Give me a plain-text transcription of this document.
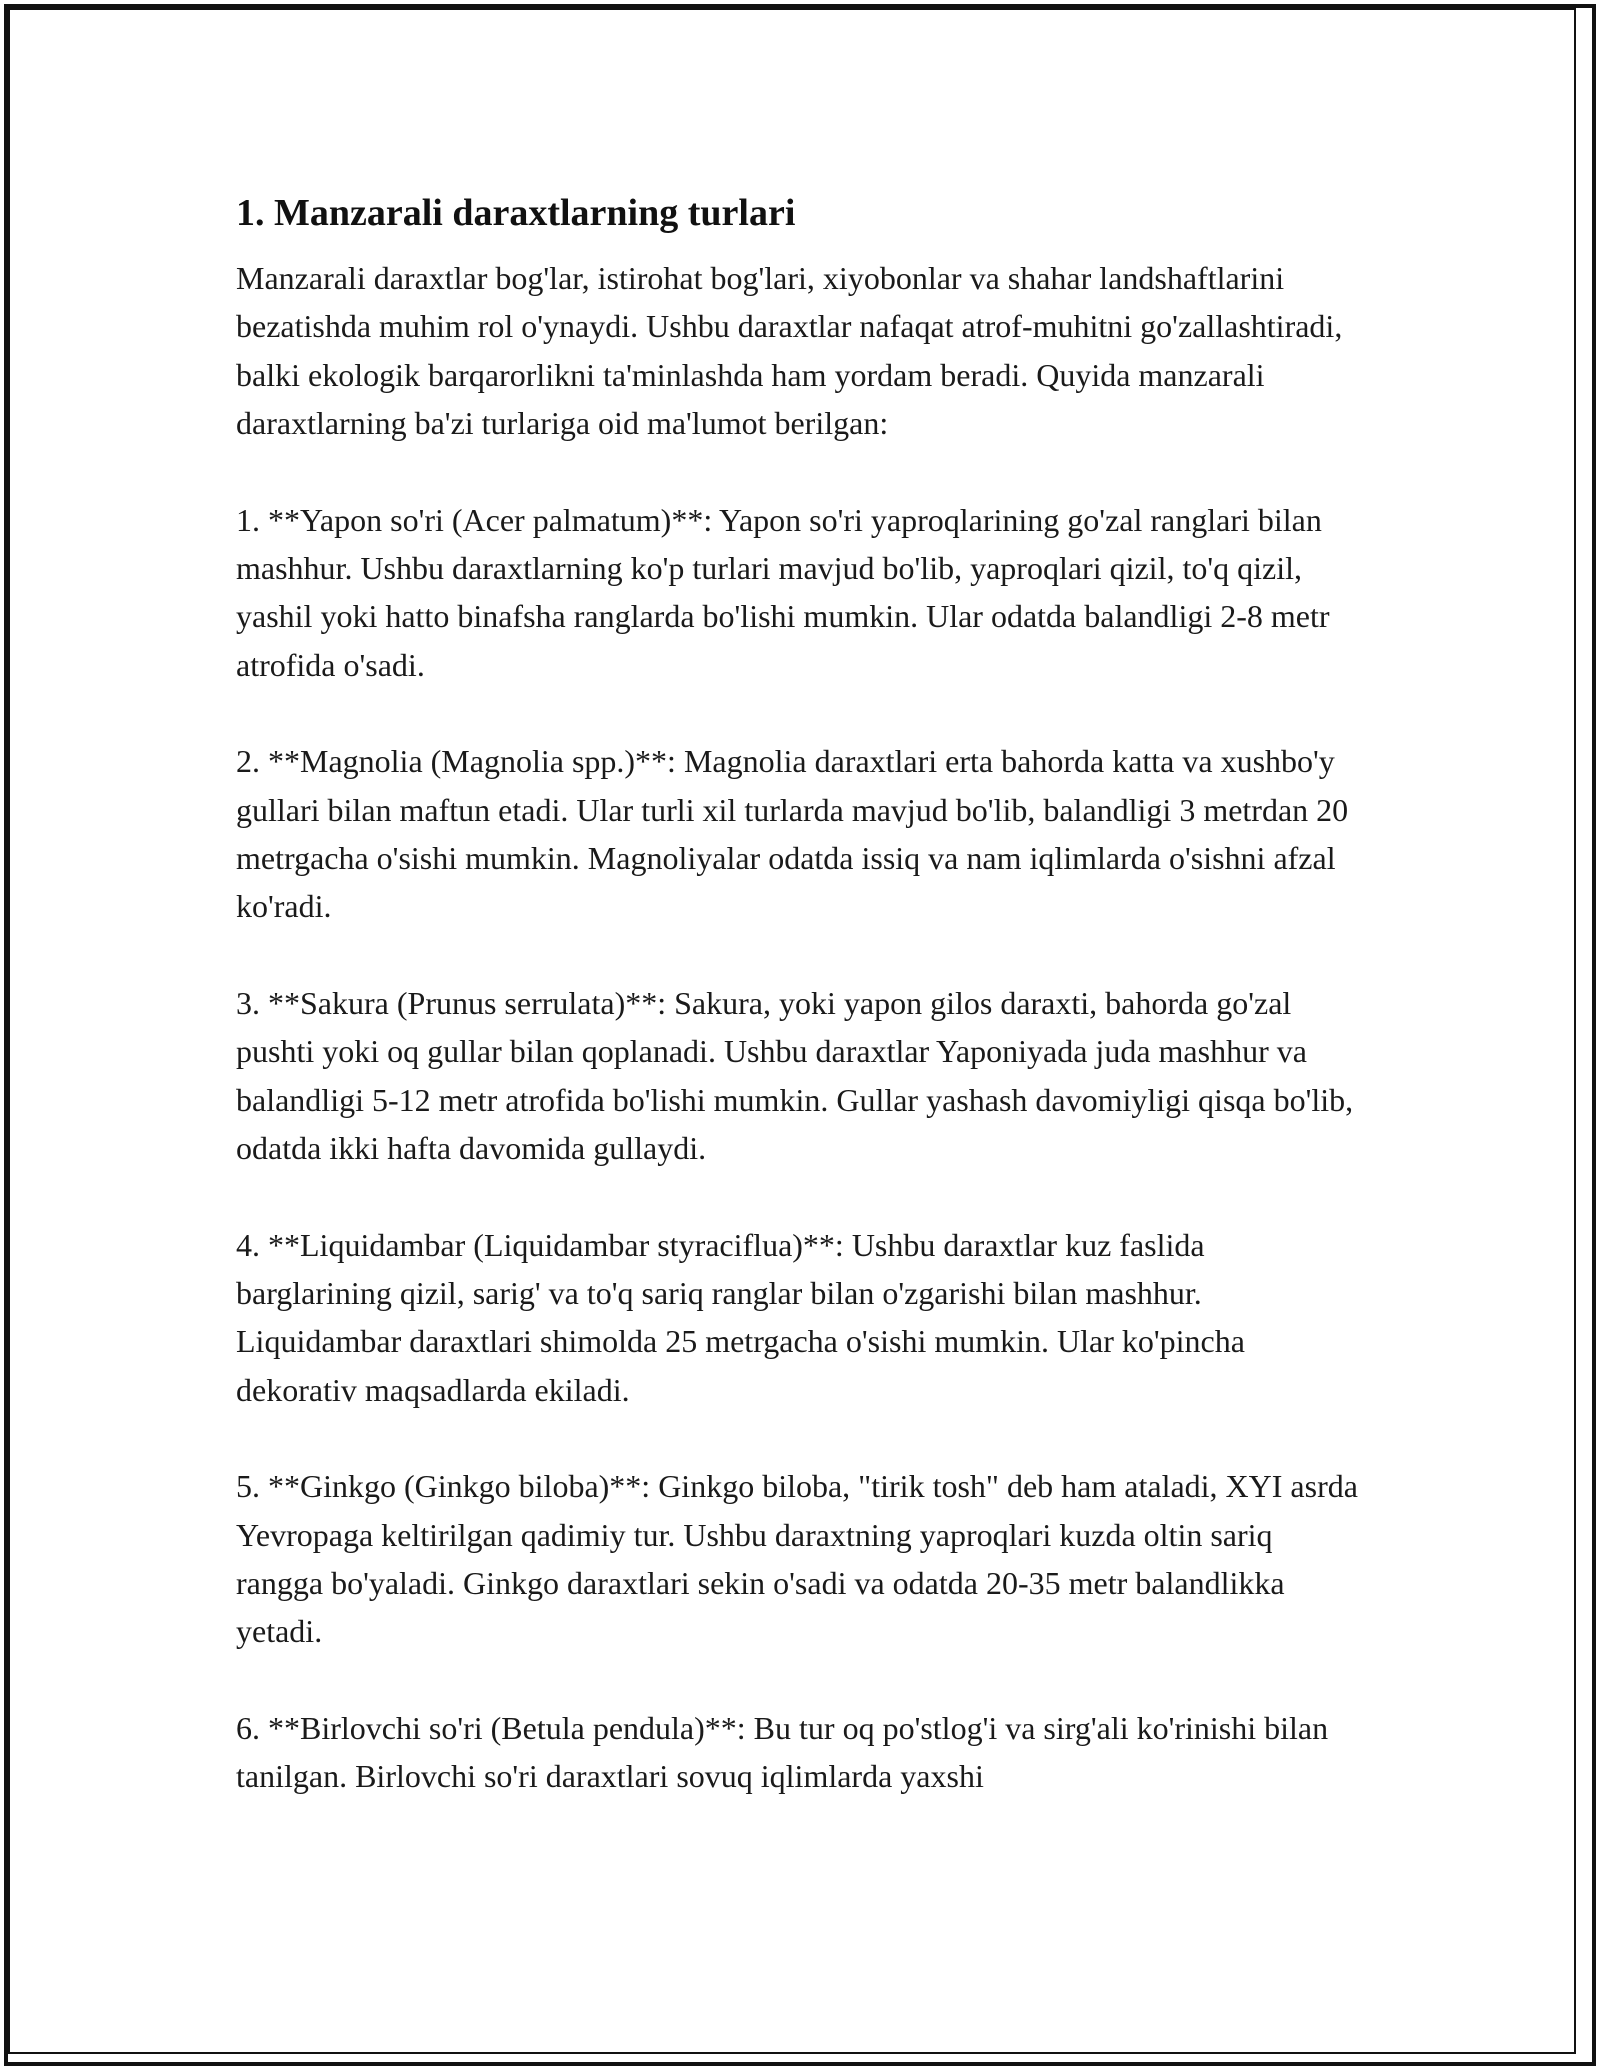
1. Manzarali daraxtlarning turlari

Manzarali daraxtlar bog'lar, istirohat bog'lari, xiyobonlar va shahar landshaftlarini bezatishda muhim rol o'ynaydi. Ushbu daraxtlar nafaqat atrof-muhitni go'zallashtiradi, balki ekologik barqarorlikni ta'minlashda ham yordam beradi. Quyida manzarali daraxtlarning ba'zi turlariga oid ma'lumot berilgan:

1. **Yapon so'ri (Acer palmatum)**: Yapon so'ri yaproqlarining go'zal ranglari bilan mashhur. Ushbu daraxtlarning ko'p turlari mavjud bo'lib, yaproqlari qizil, to'q qizil, yashil yoki hatto binafsha ranglarda bo'lishi mumkin. Ular odatda balandligi 2-8 metr atrofida o'sadi.

2. **Magnolia (Magnolia spp.)**: Magnolia daraxtlari erta bahorda katta va xushbo'y gullari bilan maftun etadi. Ular turli xil turlarda mavjud bo'lib, balandligi 3 metrdan 20 metrgacha o'sishi mumkin. Magnoliyalar odatda issiq va nam iqlimlarda o'sishni afzal ko'radi.

3. **Sakura (Prunus serrulata)**: Sakura, yoki yapon gilos daraxti, bahorda go'zal pushti yoki oq gullar bilan qoplanadi. Ushbu daraxtlar Yaponiyada juda mashhur va balandligi 5-12 metr atrofida bo'lishi mumkin. Gullar yashash davomiyligi qisqa bo'lib, odatda ikki hafta davomida gullaydi.

4. **Liquidambar (Liquidambar styraciflua)**: Ushbu daraxtlar kuz faslida barglarining qizil, sarig' va to'q sariq ranglar bilan o'zgarishi bilan mashhur. Liquidambar daraxtlari shimolda 25 metrgacha o'sishi mumkin. Ular ko'pincha dekorativ maqsadlarda ekiladi.

5. **Ginkgo (Ginkgo biloba)**: Ginkgo biloba, "tirik tosh" deb ham ataladi, XYI asrda Yevropaga keltirilgan qadimiy tur. Ushbu daraxtning yaproqlari kuzda oltin sariq rangga bo'yaladi. Ginkgo daraxtlari sekin o'sadi va odatda 20-35 metr balandlikka yetadi.

6. **Birlovchi so'ri (Betula pendula)**: Bu tur oq po'stlog'i va sirg'ali ko'rinishi bilan tanilgan. Birlovchi so'ri daraxtlari sovuq iqlimlarda yaxshi
